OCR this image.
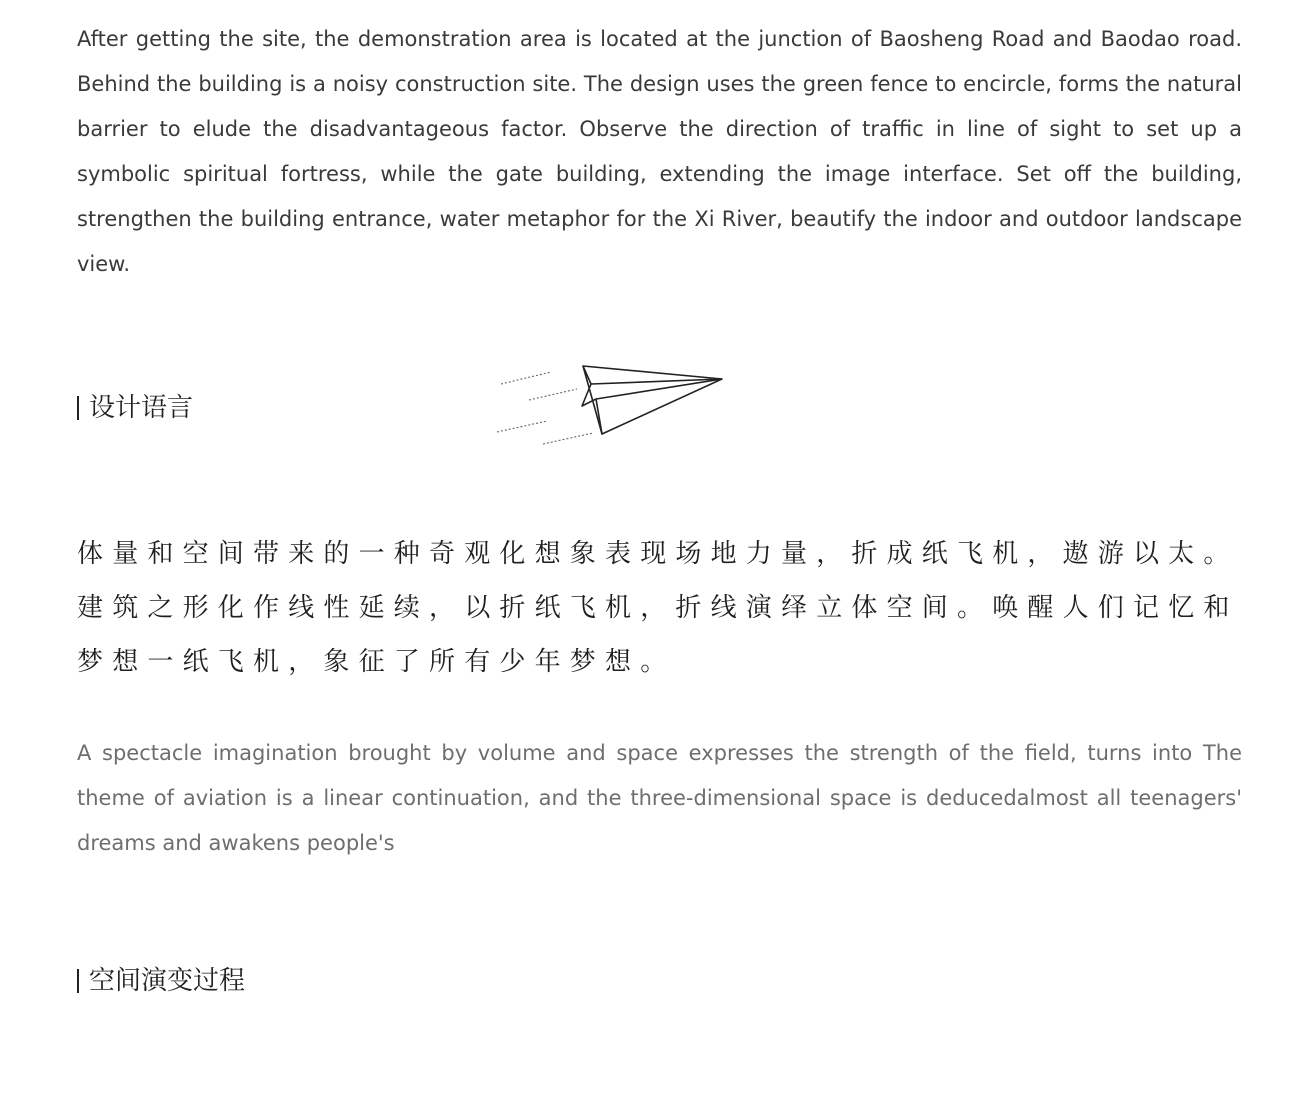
After getting the site, the demonstration area is located at the junction of Baosheng Road and Baodao road. Behind the building is a noisy construction site. The design uses the green fence to encircle, forms the natural barrier to elude the disadvantageous factor. Observe the direction of traffic in line of sight to set up a symbolic spiritual fortress, while the gate building, extending the image interface. Set off the building, strengthen the building entrance, water metaphor for the Xi River, beautify the indoor and outdoor landscape view.

设计语言

体量和空间带来的一种奇观化想象表现场地力量，折成纸飞机，遨游以太。建筑之形化作线性延续，以折纸飞机，折线演绎立体空间。唤醒人们记忆和梦想一纸飞机，象征了所有少年梦想。

A spectacle imagination brought by volume and space expresses the strength of the field, turns into The theme of aviation is a linear continuation, and the three-dimensional space is deducedalmost all teenagers' dreams and awakens people's

空间演变过程
